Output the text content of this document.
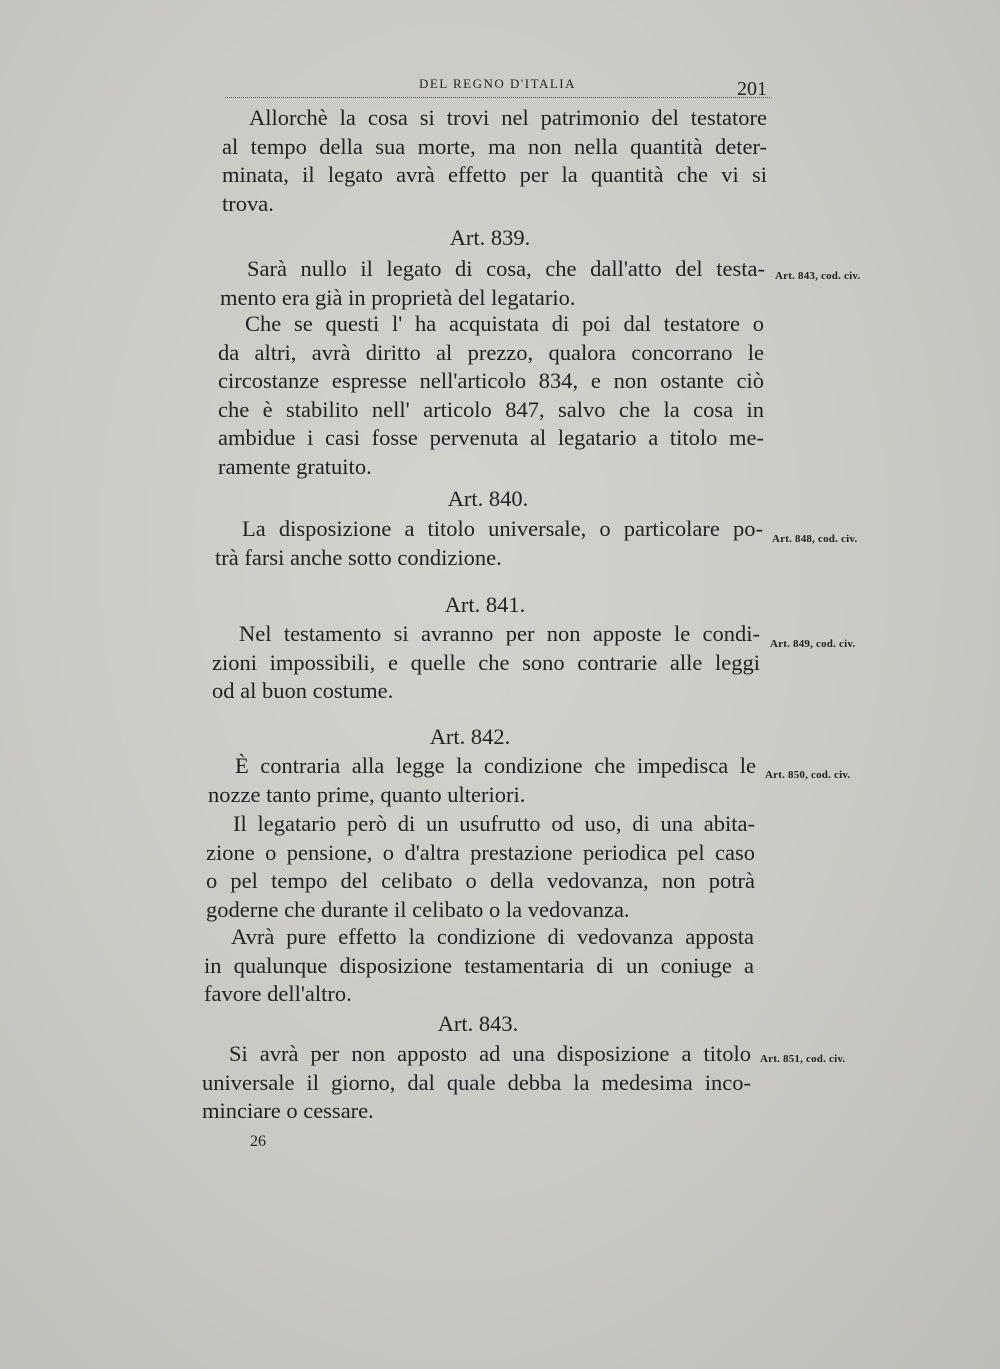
DEL REGNO D'ITALIA	201
Allorchè la cosa si trovi nel patrimonio del testatore
al tempo della sua morte, ma non nella quantità deter-
minata, il legato avrà effetto per la quantità che vi si
trova.
Art. 839.
Sarà nullo il legato di cosa, che dall'atto del testa-
mento era già in proprietà del legatario.
Art. 843, cod. civ.
Che se questi l' ha acquistata di poi dal testatore o
da altri, avrà diritto al prezzo, qualora concorrano le
circostanze espresse nell'articolo 834, e non ostante ciò
che è stabilito nell' articolo 847, salvo che la cosa in
ambidue i casi fosse pervenuta al legatario a titolo me-
ramente gratuito.
Art. 840.
La disposizione a titolo universale, o particolare po-
trà farsi anche sotto condizione.
Art. 848, cod. civ.
Art. 841.
Nel testamento si avranno per non apposte le condi-
zioni impossibili, e quelle che sono contrarie alle leggi
od al buon costume.
Art. 849, cod. civ.
Art. 842.
È contraria alla legge la condizione che impedisca le
nozze tanto prime, quanto ulteriori.
Art. 850, cod. civ.
Il legatario però di un usufrutto od uso, di una abita-
zione o pensione, o d'altra prestazione periodica pel caso
o pel tempo del celibato o della vedovanza, non potrà
goderne che durante il celibato o la vedovanza.
Avrà pure effetto la condizione di vedovanza apposta
in qualunque disposizione testamentaria di un coniuge a
favore dell'altro.
Art. 843.
Si avrà per non apposto ad una disposizione a titolo
universale il giorno, dal quale debba la medesima inco-
minciare o cessare.
Art. 851, cod. civ.
26
